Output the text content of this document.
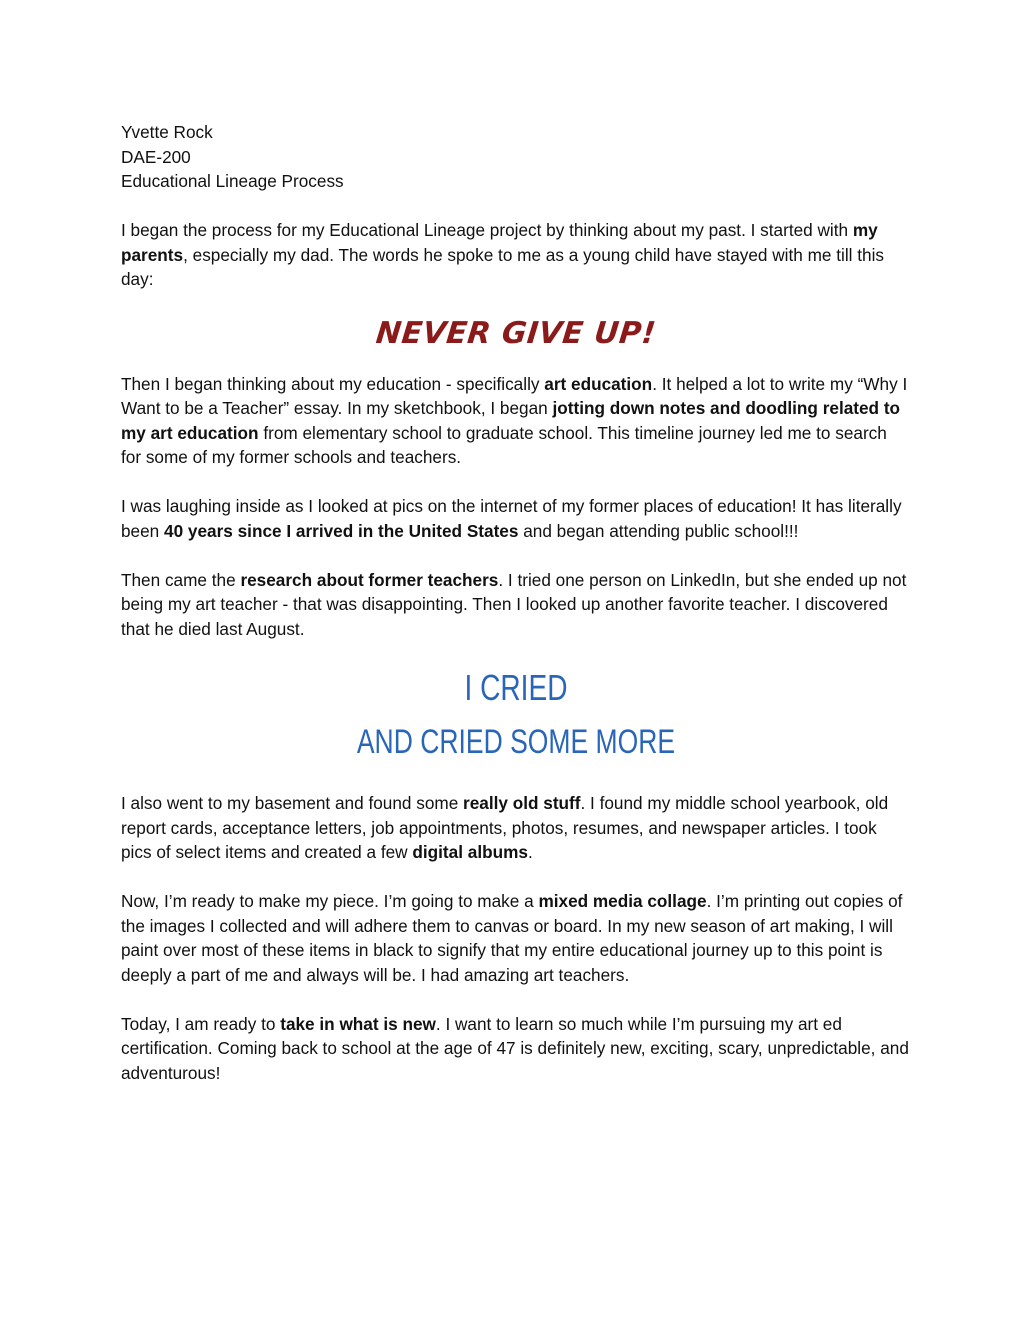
Yvette Rock

DAE-200

Educational Lineage Process

I began the process for my Educational Lineage project by thinking about my past. I started with my parents, especially my dad. The words he spoke to me as a young child have stayed with me till this day:

NEVER GIVE UP!

Then I began thinking about my education - specifically art education. It helped a lot to write my “Why I Want to be a Teacher” essay. In my sketchbook, I began jotting down notes and doodling related to my art education from elementary school to graduate school. This timeline journey led me to search for some of my former schools and teachers.

I was laughing inside as I looked at pics on the internet of my former places of education! It has literally been 40 years since I arrived in the United States and began attending public school!!!

Then came the research about former teachers. I tried one person on LinkedIn, but she ended up not being my art teacher - that was disappointing. Then I looked up another favorite teacher. I discovered that he died last August.

I CRIED
AND CRIED SOME MORE

I also went to my basement and found some really old stuff. I found my middle school yearbook, old report cards, acceptance letters, job appointments, photos, resumes, and newspaper articles. I took pics of select items and created a few digital albums.

Now, I’m ready to make my piece. I’m going to make a mixed media collage. I’m printing out copies of the images I collected and will adhere them to canvas or board. In my new season of art making, I will paint over most of these items in black to signify that my entire educational journey up to this point is deeply a part of me and always will be. I had amazing art teachers.

Today, I am ready to take in what is new. I want to learn so much while I’m pursuing my art ed certification. Coming back to school at the age of 47 is definitely new, exciting, scary, unpredictable, and adventurous!
